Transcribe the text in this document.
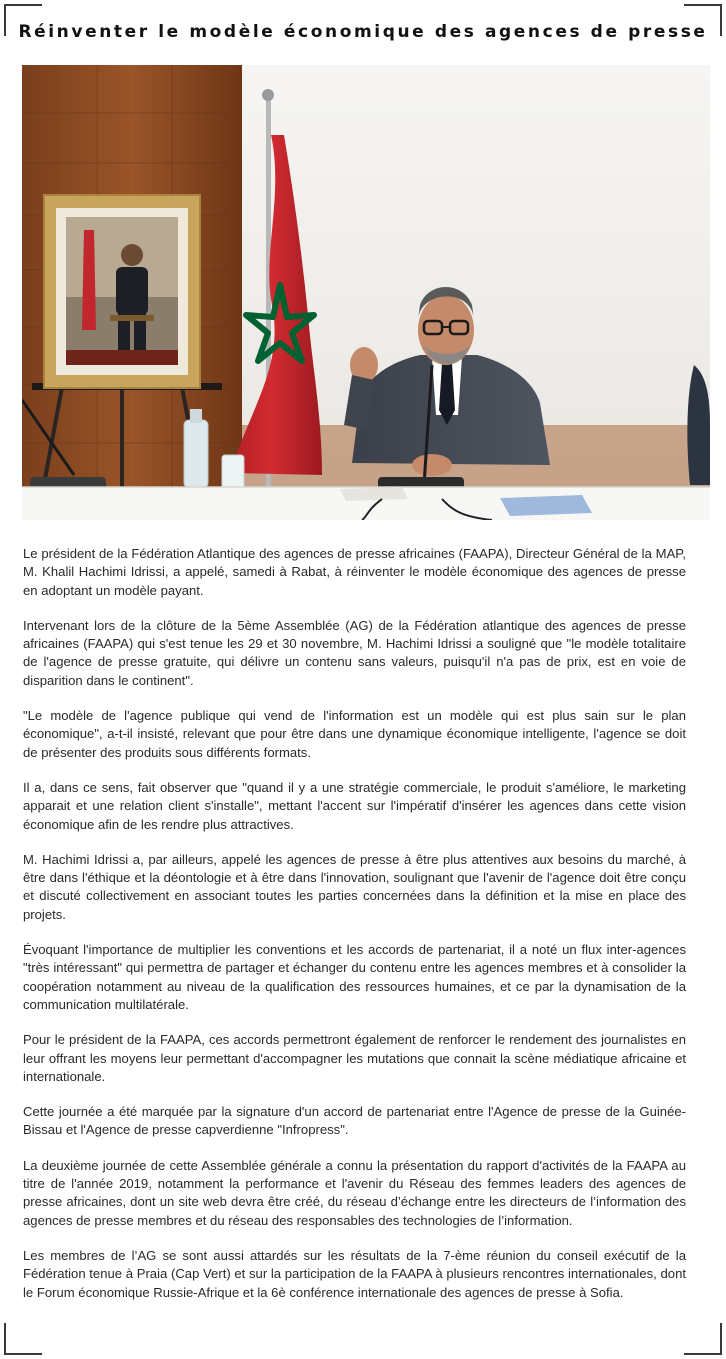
Réinventer le modèle économique des agences de presse

Le président de la Fédération Atlantique des agences de presse africaines (FAAPA), Directeur Général de la MAP, M. Khalil Hachimi Idrissi, a appelé, samedi à Rabat, à réinventer le modèle économique des agences de presse en adoptant un modèle payant.

Intervenant lors de la clôture de la 5ème Assemblée (AG) de la Fédération atlantique des agences de presse africaines (FAAPA) qui s'est tenue les 29 et 30 novembre, M. Hachimi Idrissi a souligné que "le modèle totalitaire de l'agence de presse gratuite, qui délivre un contenu sans valeurs, puisqu'il n'a pas de prix, est en voie de disparition dans le continent".

"Le modèle de l'agence publique qui vend de l'information est un modèle qui est plus sain sur le plan économique", a-t-il insisté, relevant que pour être dans une dynamique économique intelligente, l'agence se doit de présenter des produits sous différents formats.

Il a, dans ce sens, fait observer que "quand il y a une stratégie commerciale, le produit s'améliore, le marketing apparait et une relation client s'installe", mettant l'accent sur l'impératif d'insérer les agences dans cette vision économique afin de les rendre plus attractives.

M. Hachimi Idrissi a, par ailleurs, appelé les agences de presse à être plus attentives aux besoins du marché, à être dans l'éthique et la déontologie et à être dans l'innovation, soulignant que l'avenir de l'agence doit être conçu et discuté collectivement en associant toutes les parties concernées dans la définition et la mise en place des projets.

Évoquant l'importance de multiplier les conventions et les accords de partenariat, il a noté un flux inter-agences "très intéressant" qui permettra de partager et échanger du contenu entre les agences membres et à consolider la coopération notamment au niveau de la qualification des ressources humaines, et ce par la dynamisation de la communication multilatérale.

Pour le président de la FAAPA, ces accords permettront également de renforcer le rendement des journalistes en leur offrant les moyens leur permettant d'accompagner les mutations que connait la scène médiatique africaine et internationale.

Cette journée a été marquée par la signature d'un accord de partenariat entre l'Agence de presse de la Guinée-Bissau et l'Agence de presse capverdienne "Infropress".

La deuxième journée de cette Assemblée générale a connu la présentation du rapport d'activités de la FAAPA au titre de l'année 2019, notamment la performance et l'avenir du Réseau des femmes leaders des agences de presse africaines, dont un site web devra être créé, du réseau d’échange entre les directeurs de l’information des agences de presse membres et du réseau des responsables des technologies de l’information.

Les membres de l’AG se sont aussi attardés sur les résultats de la 7-ème réunion du conseil exécutif de la Fédération tenue à Praia (Cap Vert) et sur la participation de la FAAPA à plusieurs rencontres internationales, dont le Forum économique Russie-Afrique et la 6è conférence internationale des agences de presse à Sofia.
